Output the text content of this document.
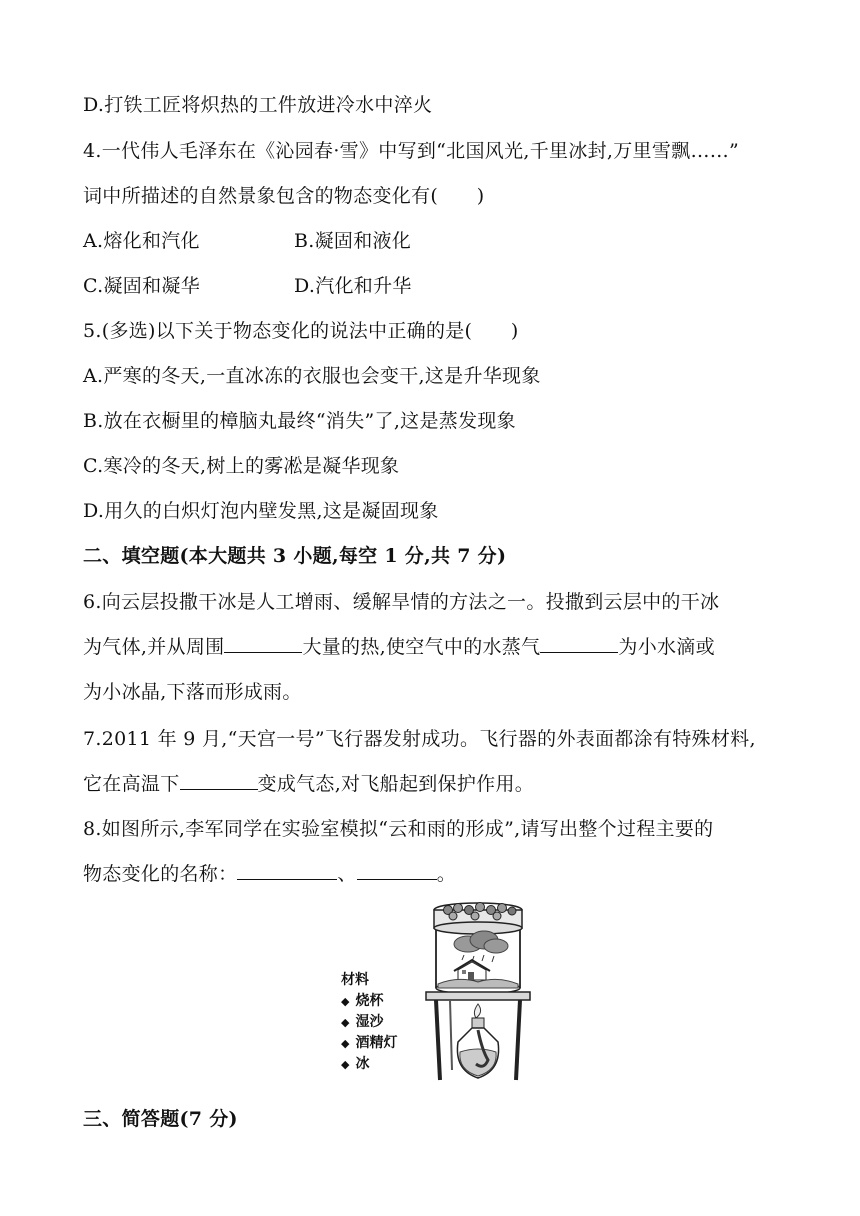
D.打铁工匠将炽热的工件放进冷水中淬火
4.一代伟人毛泽东在《沁园春·雪》中写到“北国风光,千里冰封,万里雪飘……”
词中所描述的自然景象包含的物态变化有(　　)
A.熔化和汽化	B.凝固和液化
C.凝固和凝华	D.汽化和升华
5.(多选)以下关于物态变化的说法中正确的是(　　)
A.严寒的冬天,一直冰冻的衣服也会变干,这是升华现象
B.放在衣橱里的樟脑丸最终“消失”了,这是蒸发现象
C.寒冷的冬天,树上的雾凇是凝华现象
D.用久的白炽灯泡内壁发黑,这是凝固现象
二、填空题(本大题共 3 小题,每空 1 分,共 7 分)
6.向云层投撒干冰是人工增雨、缓解旱情的方法之一。投撒到云层中的干冰
为气体,并从周围	大量的热,使空气中的水蒸气	为小水滴或
为小冰晶,下落而形成雨。
7.2011 年 9 月,“天宫一号”飞行器发射成功。飞行器的外表面都涂有特殊材料,
它在高温下	变成气态,对飞船起到保护作用。
8.如图所示,李军同学在实验室模拟“云和雨的形成”,请写出整个过程主要的
物态变化的名称：	、	。
材料
◆ 烧杯
◆ 湿沙
◆ 酒精灯
◆ 冰
三、简答题(7 分)
